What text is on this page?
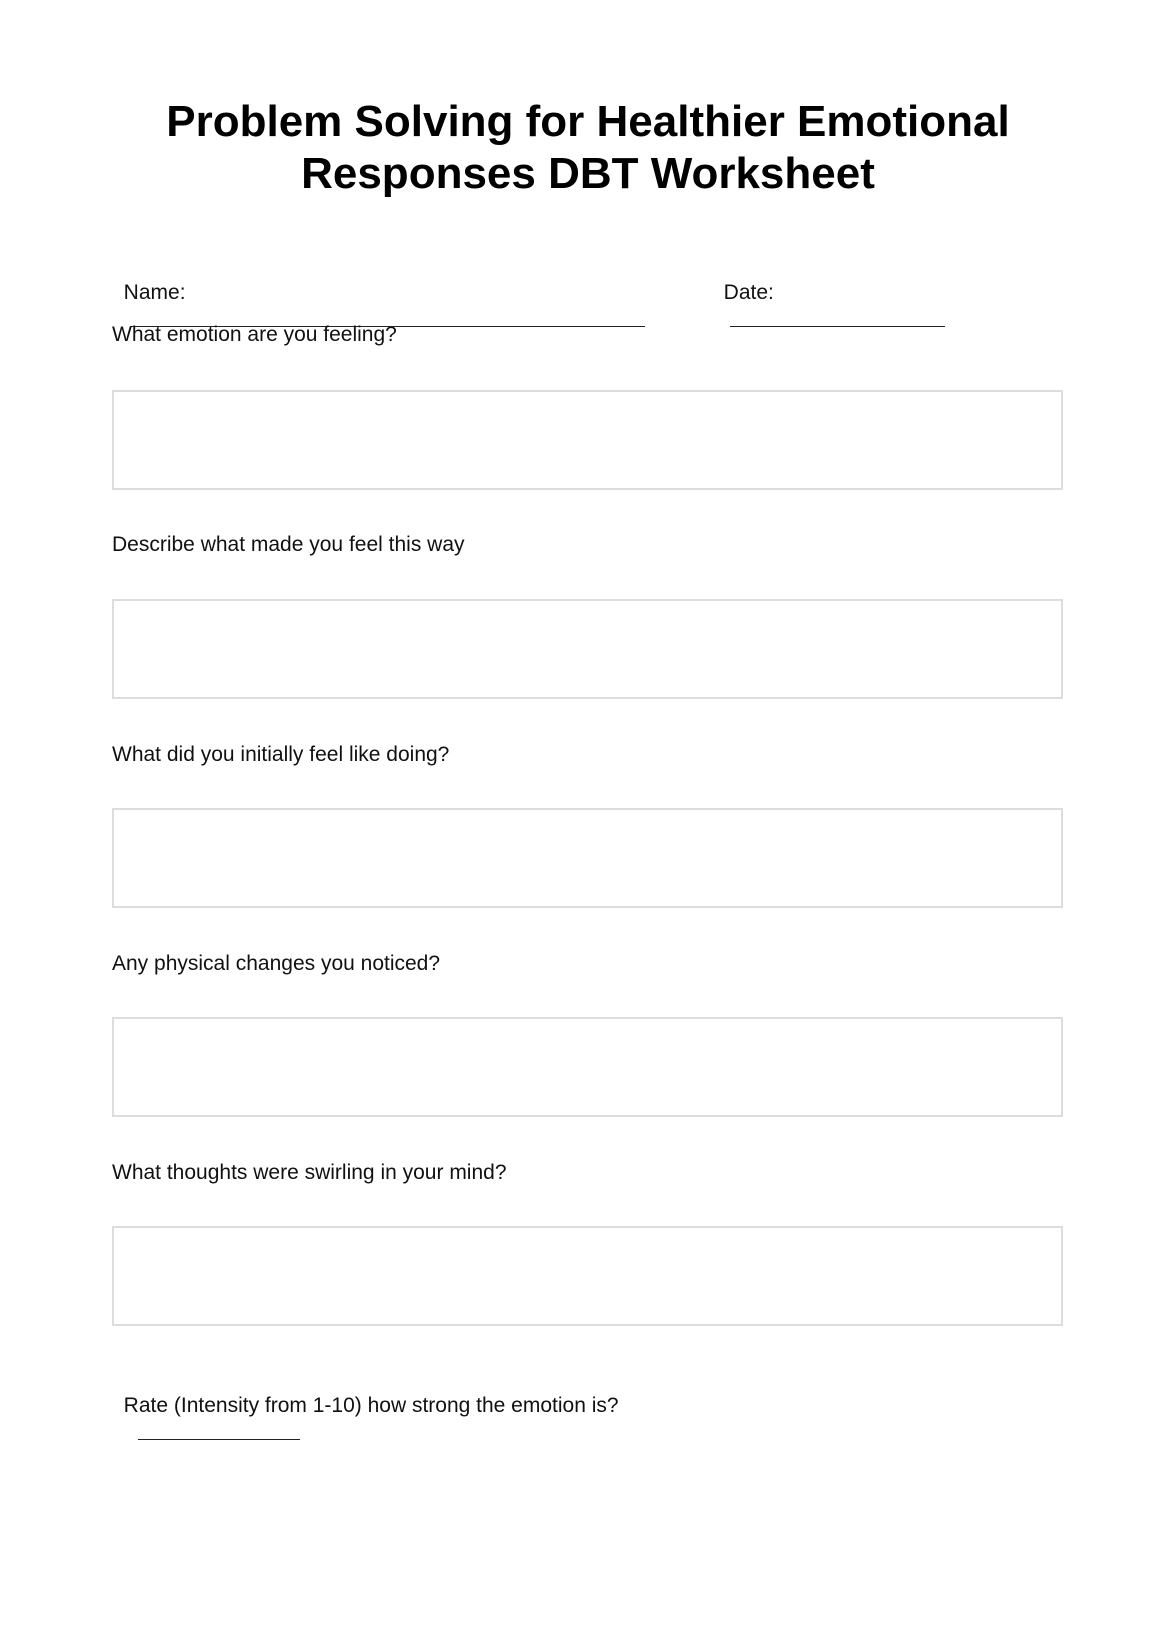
Problem Solving for Healthier Emotional
Responses DBT Worksheet

Name:
	Date:

What emotion are you feeling?
Describe what made you feel this way
What did you initially feel like doing?
Any physical changes you noticed?
What thoughts were swirling in your mind?

Rate (Intensity from 1-10) how strong the emotion is?
